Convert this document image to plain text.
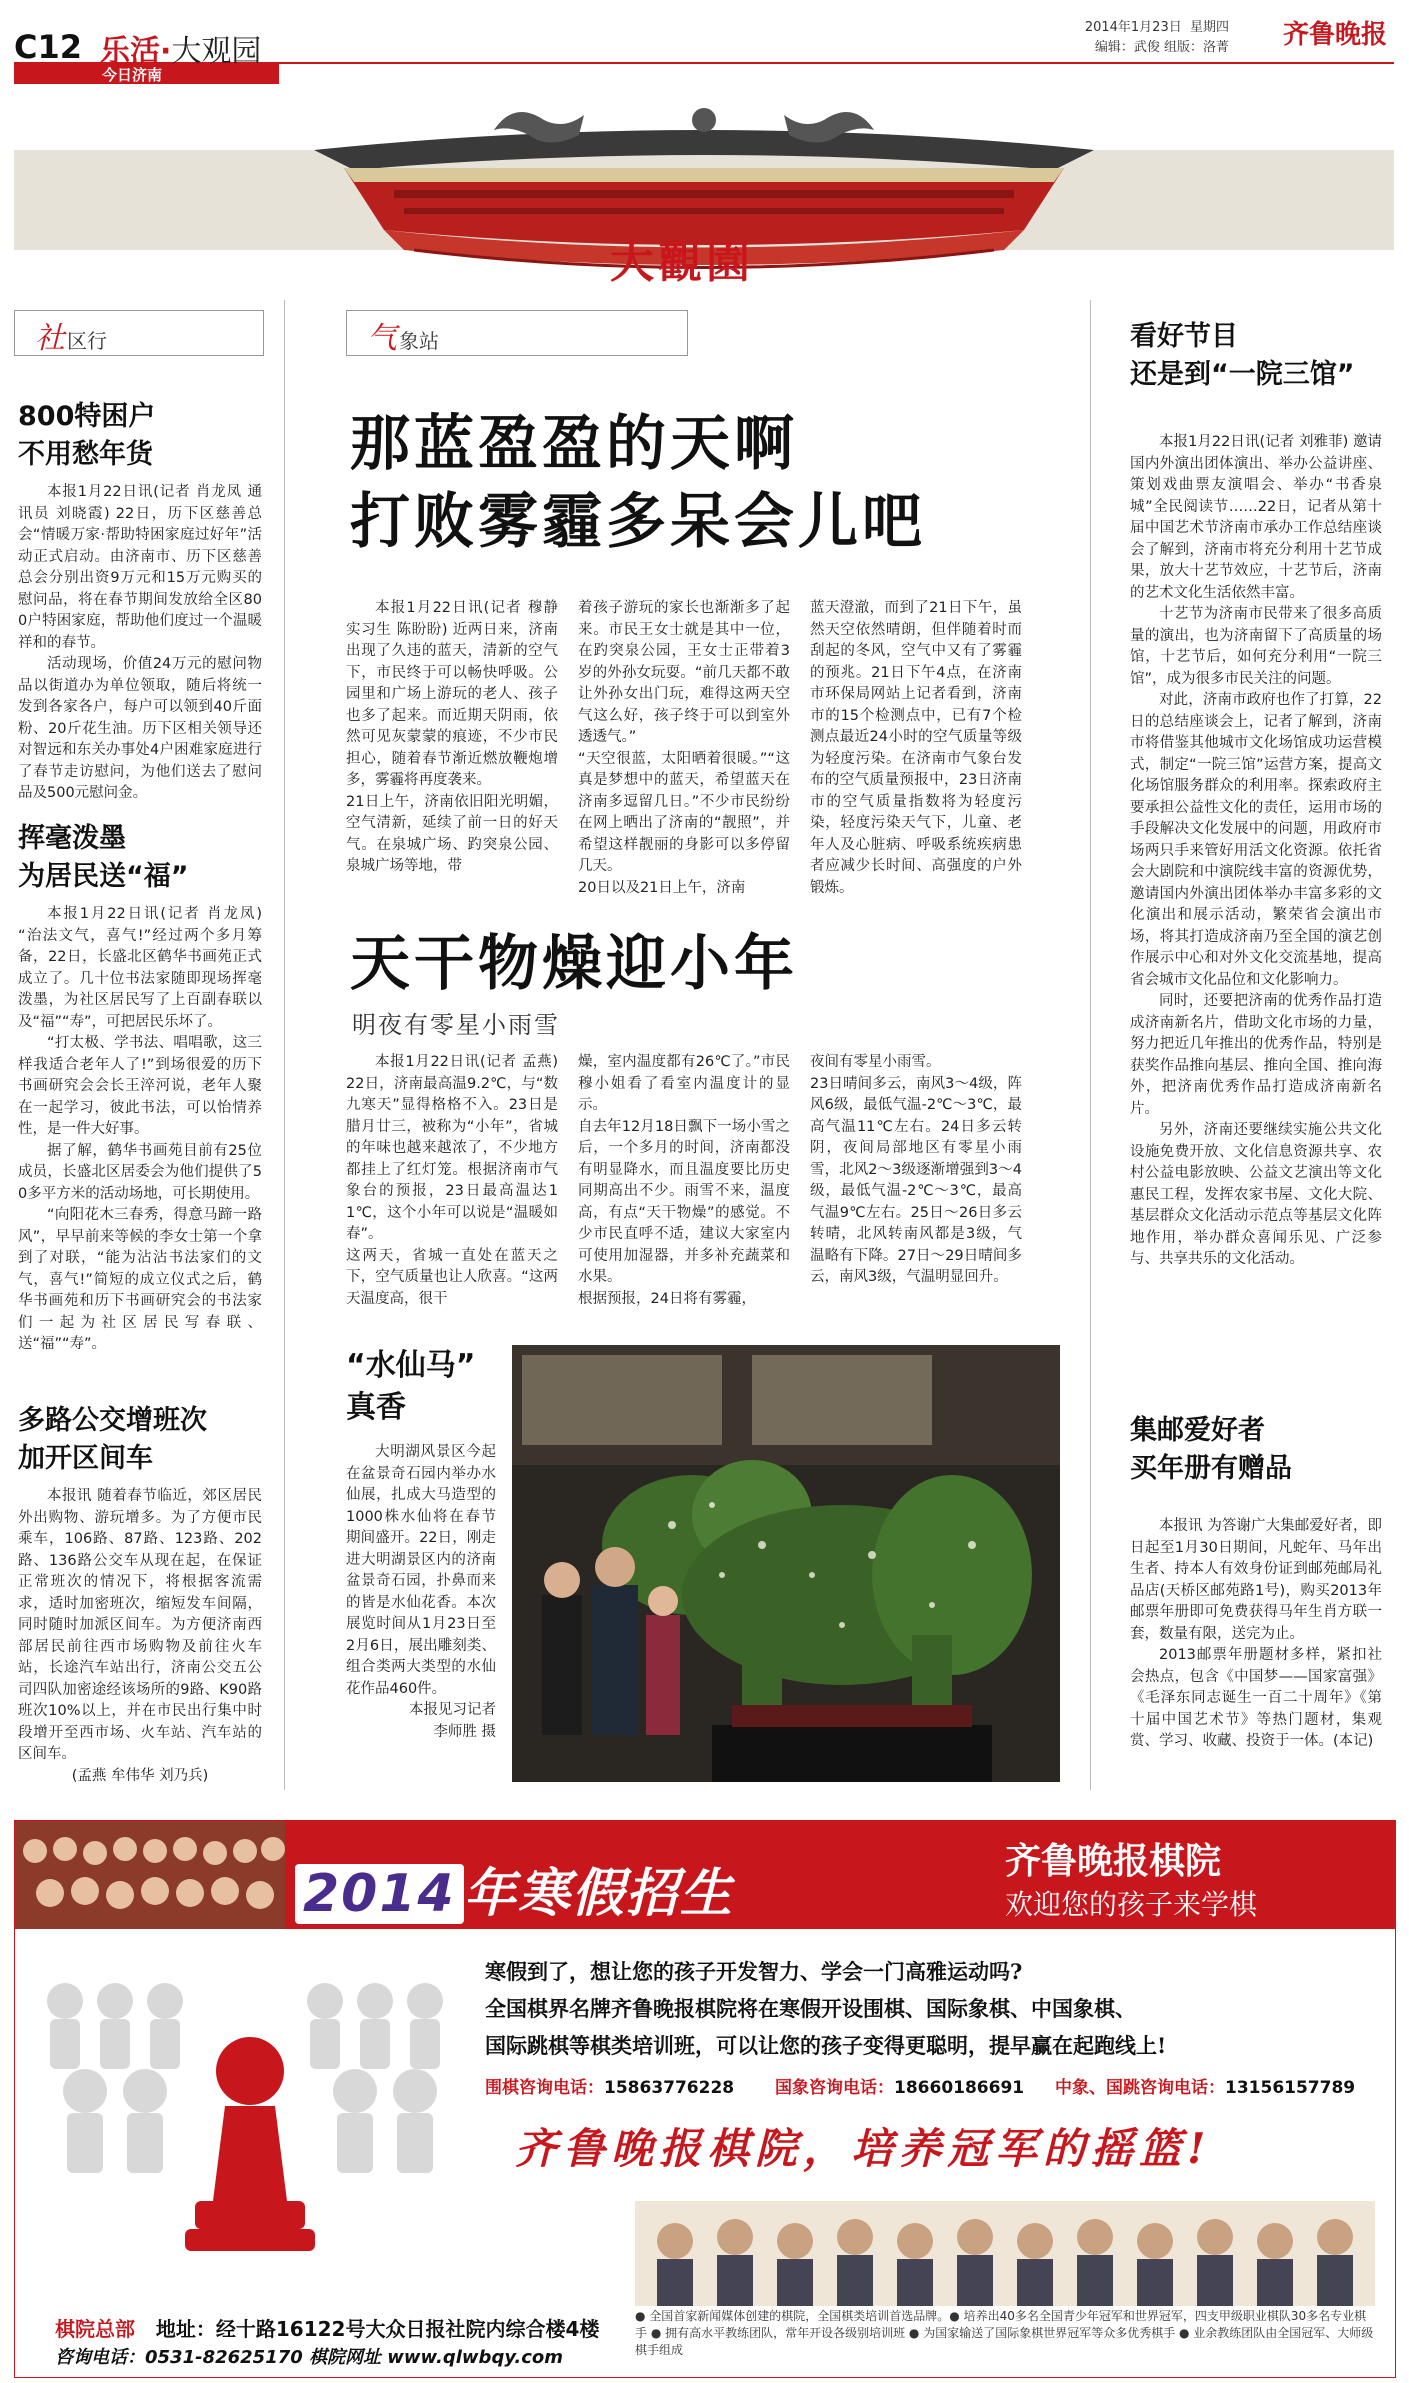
今日济南
C12 乐活·大观园
2014年1月23日 星期四
编辑：武俊 组版：洛菁 齐鲁晚报
大觀園
社 区行
800特困户
不用愁年货

本报1月22日讯(记者 肖龙凤 通讯员 刘晓霞) 22日，历下区慈善总会“情暖万家·帮助特困家庭过好年”活动正式启动。由济南市、历下区慈善总会分别出资9万元和15万元购买的慰问品，将在春节期间发放给全区800户特困家庭，帮助他们度过一个温暖祥和的春节。

活动现场，价值24万元的慰问物品以街道办为单位领取，随后将统一发到各家各户，每户可以领到40斤面粉、20斤花生油。历下区相关领导还对智远和东关办事处4户困难家庭进行了春节走访慰问，为他们送去了慰问品及500元慰问金。

挥毫泼墨
为居民送“福”

本报1月22日讯(记者 肖龙凤) “治法文气，喜气!”经过两个多月筹备，22日，长盛北区鹤华书画苑正式成立了。几十位书法家随即现场挥毫泼墨，为社区居民写了上百副春联以及“福”“寿”，可把居民乐坏了。

“打太极、学书法、唱唱歌，这三样我适合老年人了!”到场很爱的历下书画研究会会长王淬河说，老年人聚在一起学习，彼此书法，可以怡情养性，是一件大好事。

据了解，鹤华书画苑目前有25位成员，长盛北区居委会为他们提供了50多平方米的活动场地，可长期使用。

“向阳花木三春秀，得意马蹄一路风”，早早前来等候的李女士第一个拿到了对联，“能为沾沾书法家们的文气，喜气!”简短的成立仪式之后，鹤华书画苑和历下书画研究会的书法家们一起为社区居民写春联、送“福”“寿”。

多路公交增班次
加开区间车

本报讯 随着春节临近，郊区居民外出购物、游玩增多。为了方便市民乘车，106路、87路、123路、202路、136路公交车从现在起，在保证正常班次的情况下，将根据客流需求，适时加密班次，缩短发车间隔，同时随时加派区间车。为方便济南西部居民前往西市场购物及前往火车站，长途汽车站出行，济南公交五公司四队加密途经该场所的9路、K90路班次10%以上，并在市民出行集中时段增开至西市场、火车站、汽车站的区间车。

(孟燕 牟伟华 刘乃兵)
气 象站
那蓝盈盈的天啊
打败雾霾多呆会儿吧
本报1月22日讯(记者 穆静 实习生 陈盼盼) 近两日来，济南出现了久违的蓝天，清新的空气下，市民终于可以畅快呼吸。公园里和广场上游玩的老人、孩子也多了起来。而近期天阴雨，依然可见灰蒙蒙的痕迹，不少市民担心，随着春节渐近燃放鞭炮增多，雾霾将再度袭来。
21日上午，济南依旧阳光明媚，空气清新，延续了前一日的好天气。在泉城广场、趵突泉公园、泉城广场等地，带
着孩子游玩的家长也渐渐多了起来。市民王女士就是其中一位，在趵突泉公园，王女士正带着3岁的外孙女玩耍。“前几天都不敢让外孙女出门玩，难得这两天空气这么好，孩子终于可以到室外透透气。”
“天空很蓝，太阳晒着很暖。”“这真是梦想中的蓝天，希望蓝天在济南多逗留几日。”不少市民纷纷在网上晒出了济南的“靓照”，并希望这样靓丽的身影可以多停留几天。
20日以及21日上午，济南
蓝天澄澈，而到了21日下午，虽然天空依然晴朗，但伴随着时而刮起的冬风，空气中又有了雾霾的预兆。21日下午4点，在济南市环保局网站上记者看到，济南市的15个检测点中，已有7个检测点最近24小时的空气质量等级为轻度污染。在济南市气象台发布的空气质量预报中，23日济南市的空气质量指数将为轻度污染，轻度污染天气下，儿童、老年人及心脏病、呼吸系统疾病患者应减少长时间、高强度的户外锻炼。
天干物燥迎小年
明夜有零星小雨雪
本报1月22日讯(记者 孟燕) 22日，济南最高温9.2℃，与“数九寒天”显得格格不入。23日是腊月廿三，被称为“小年”，省城的年味也越来越浓了，不少地方都挂上了红灯笼。根据济南市气象台的预报，23日最高温达11℃，这个小年可以说是“温暖如春”。
这两天，省城一直处在蓝天之下，空气质量也让人欣喜。“这两天温度高，很干
燥，室内温度都有26℃了。”市民穆小姐看了看室内温度计的显示。
自去年12月18日飘下一场小雪之后，一个多月的时间，济南都没有明显降水，而且温度要比历史同期高出不少。雨雪不来，温度高，有点“天干物燥”的感觉。不少市民直呼不适，建议大家室内可使用加湿器，并多补充蔬菜和水果。
根据预报，24日将有雾霾，
夜间有零星小雨雪。
23日晴间多云，南风3～4级，阵风6级，最低气温-2℃～3℃，最高气温11℃左右。24日多云转阴，夜间局部地区有零星小雨雪，北风2～3级逐渐增强到3～4级，最低气温-2℃～3℃，最高气温9℃左右。25日～26日多云转晴，北风转南风都是3级，气温略有下降。27日～29日晴间多云，南风3级，气温明显回升。
“水仙马”
真香

大明湖风景区今起在盆景奇石园内举办水仙展，扎成大马造型的1000株水仙将在春节期间盛开。22日，刚走进大明湖景区内的济南盆景奇石园，扑鼻而来的皆是水仙花香。本次展览时间从1月23日至2月6日，展出雕刻类、组合类两大类型的水仙花作品460件。

本报见习记者
李师胜 摄
看好节目
还是到“一院三馆”

本报1月22日讯(记者 刘雅菲) 邀请国内外演出团体演出、举办公益讲座、策划戏曲票友演唱会、举办“书香泉城”全民阅读节……22日，记者从第十届中国艺术节济南市承办工作总结座谈会了解到，济南市将充分利用十艺节成果，放大十艺节效应，十艺节后，济南的艺术文化生活依然丰富。

十艺节为济南市民带来了很多高质量的演出，也为济南留下了高质量的场馆，十艺节后，如何充分利用“一院三馆”，成为很多市民关注的问题。

对此，济南市政府也作了打算，22日的总结座谈会上，记者了解到，济南市将借鉴其他城市文化场馆成功运营模式，制定“一院三馆”运营方案，提高文化场馆服务群众的利用率。探索政府主要承担公益性文化的责任，运用市场的手段解决文化发展中的问题，用政府市场两只手来管好用活文化资源。依托省会大剧院和中演院线丰富的资源优势，邀请国内外演出团体举办丰富多彩的文化演出和展示活动，繁荣省会演出市场，将其打造成济南乃至全国的演艺创作展示中心和对外文化交流基地，提高省会城市文化品位和文化影响力。

同时，还要把济南的优秀作品打造成济南新名片，借助文化市场的力量，努力把近几年推出的优秀作品，特别是获奖作品推向基层、推向全国、推向海外，把济南优秀作品打造成济南新名片。

另外，济南还要继续实施公共文化设施免费开放、文化信息资源共享、农村公益电影放映、公益文艺演出等文化惠民工程，发挥农家书屋、文化大院、基层群众文化活动示范点等基层文化阵地作用，举办群众喜闻乐见、广泛参与、共享共乐的文化活动。

集邮爱好者
买年册有赠品

本报讯 为答谢广大集邮爱好者，即日起至1月30日期间，凡蛇年、马年出生者、持本人有效身份证到邮苑邮局礼品店(天桥区邮苑路1号)，购买2013年邮票年册即可免费获得马年生肖方联一套，数量有限，送完为止。

2013邮票年册题材多样，紧扣社会热点，包含《中国梦——国家富强》《毛泽东同志诞生一百二十周年》《第十届中国艺术节》等热门题材，集观赏、学习、收藏、投资于一体。(本记)

2014 年寒假招生
齐鲁晚报棋院
欢迎您的孩子来学棋
寒假到了，想让您的孩子开发智力、学会一门高雅运动吗?
全国棋界名牌齐鲁晚报棋院将在寒假开设围棋、国际象棋、中国象棋、
国际跳棋等棋类培训班，可以让您的孩子变得更聪明，提早赢在起跑线上!
围棋咨询电话：15863776228 国象咨询电话：18660186691 中象、国跳咨询电话：13156157789
齐鲁晚报棋院，培养冠军的摇篮!
棋院总部 地址：经十路16122号大众日报社院内综合楼4楼
咨询电话：0531-82625170 棋院网址 www.qlwbqy.com
● 全国首家新闻媒体创建的棋院，全国棋类培训首选品牌。● 培养出40多名全国青少年冠军和世界冠军，四支甲级职业棋队30多名专业棋手 ● 拥有高水平教练团队，常年开设各级别培训班 ● 为国家输送了国际象棋世界冠军等众多优秀棋手 ● 业余教练团队由全国冠军、大师级棋手组成
